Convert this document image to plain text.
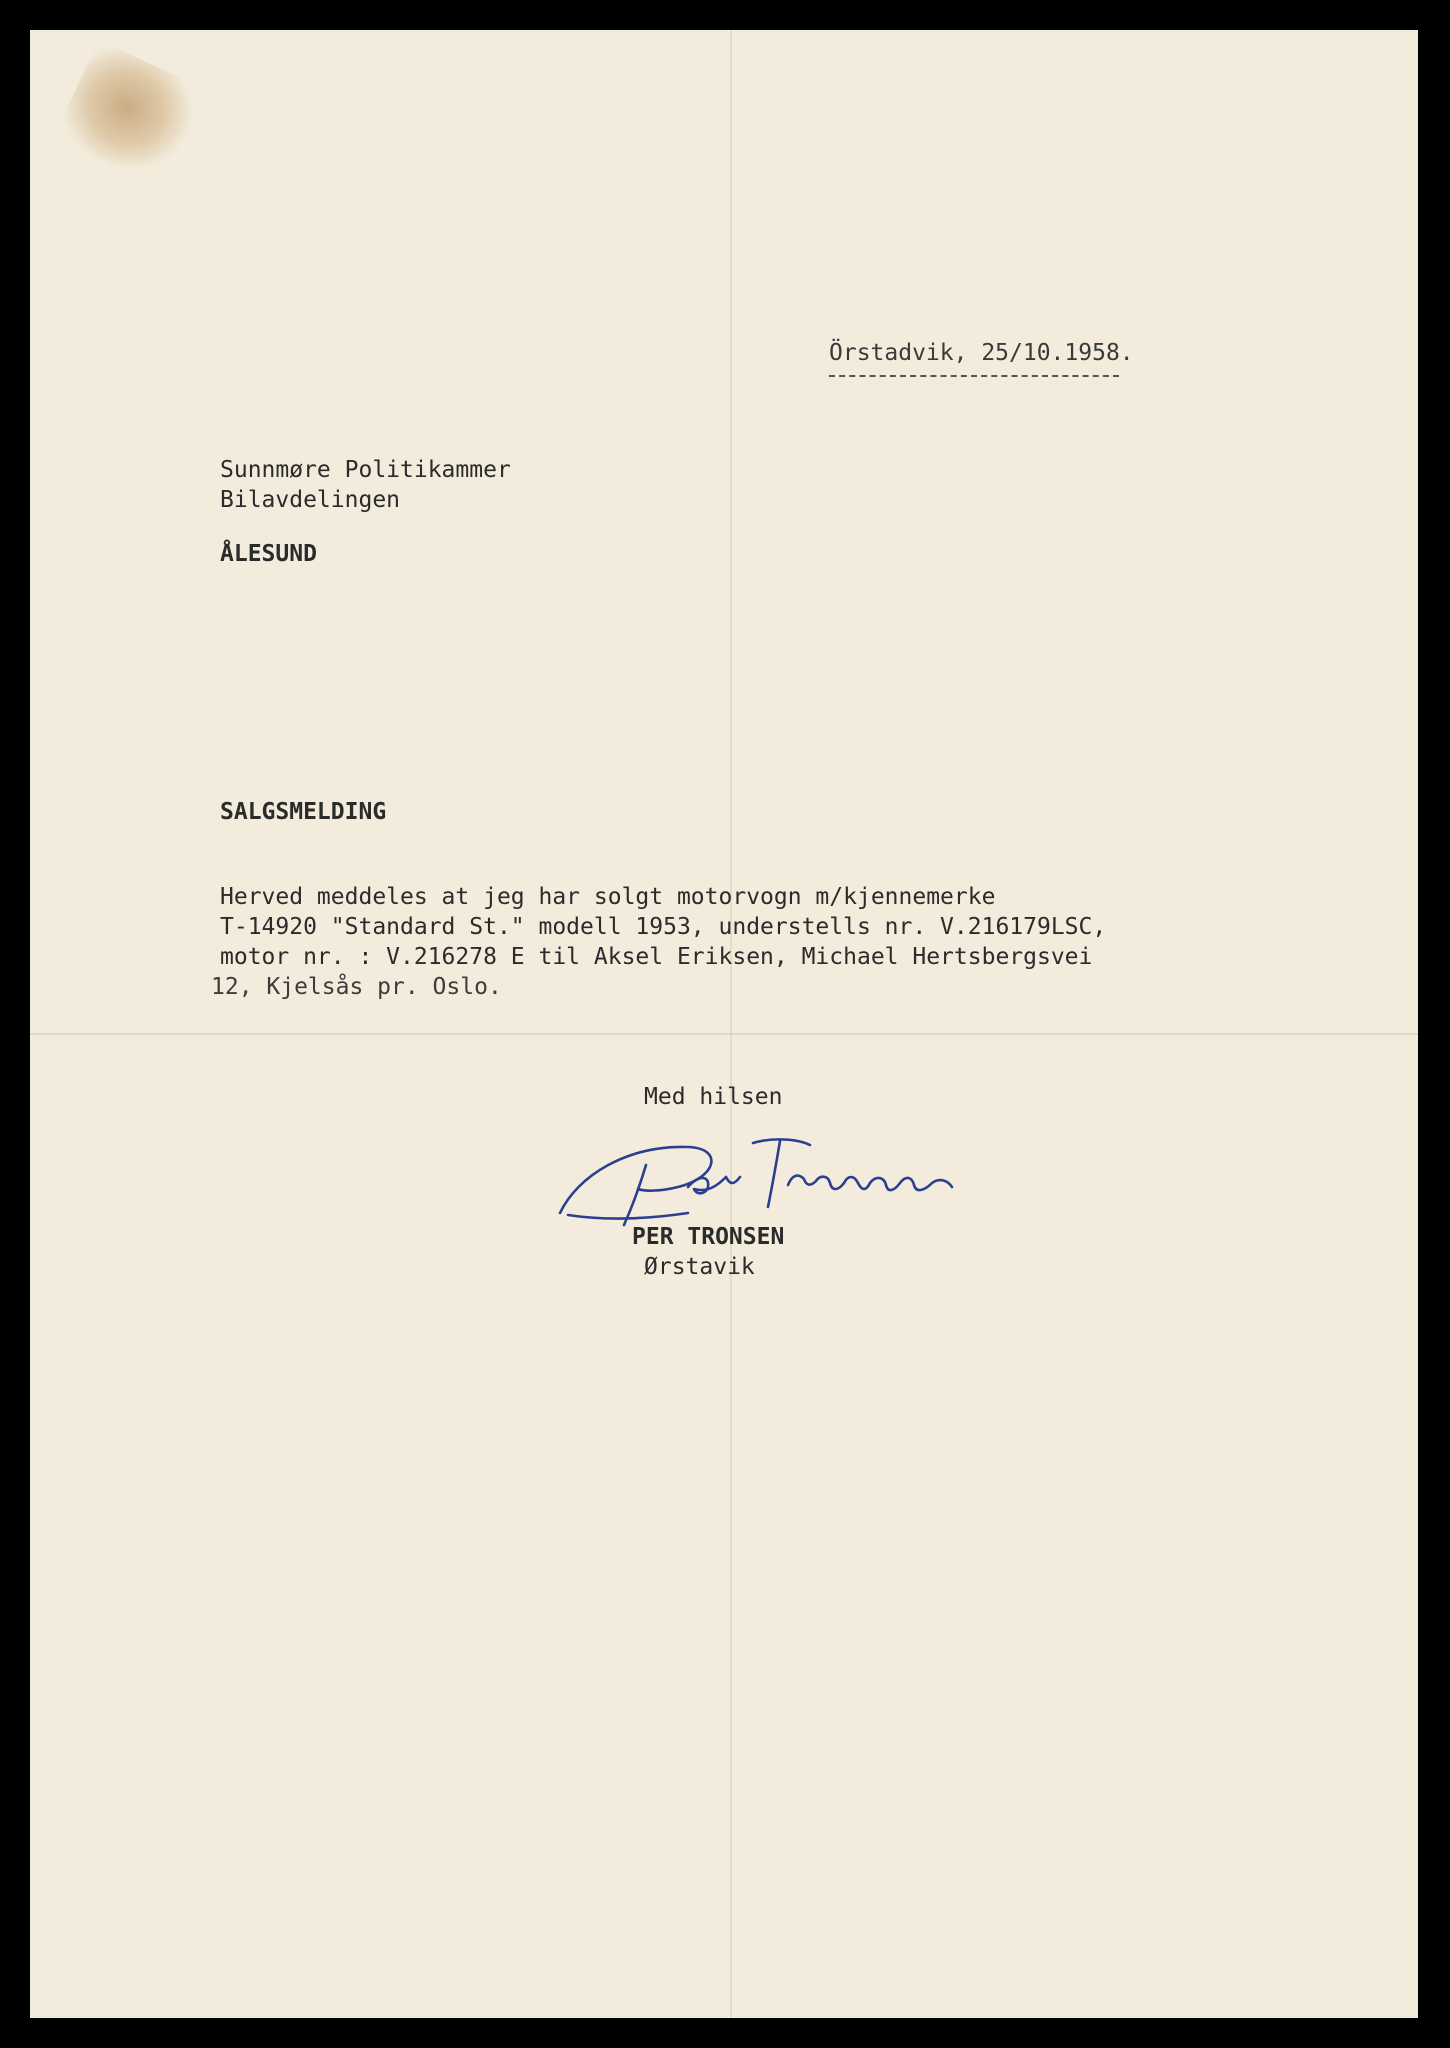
Örstadvik, 25/10.1958.
Sunnmøre Politikammer
Bilavdelingen
ÅLESUND
SALGSMELDING
Herved meddeles at jeg har solgt motorvogn m/kjennemerke
T-14920 "Standard St." modell 1953, understells nr. V.216179LSC,
motor nr. : V.216278 E til Aksel Eriksen, Michael Hertsbergsvei
12, Kjelsås pr. Oslo.
Med hilsen
PER TRONSEN
Ørstavik
